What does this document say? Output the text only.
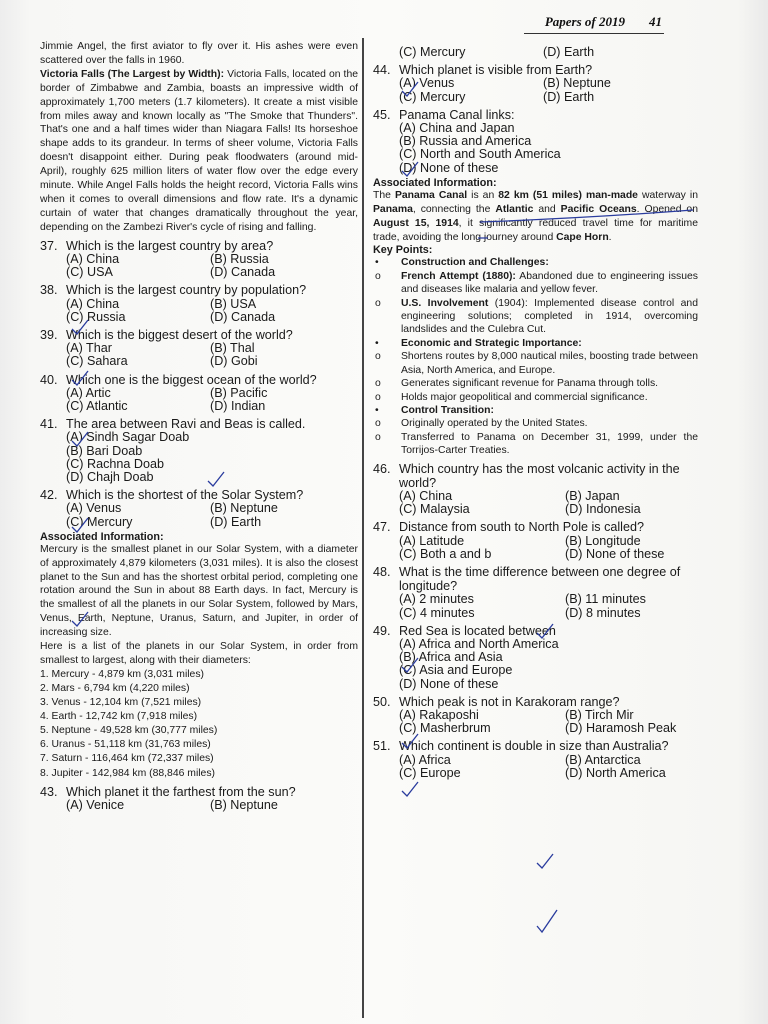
Papers of 2019 41

Jimmie Angel, the first aviator to fly over it. His ashes were even scattered over the falls in 1960.
Victoria Falls (The Largest by Width): Victoria Falls, located on the border of Zimbabwe and Zambia, boasts an impressive width of approximately 1,700 meters (1.7 kilometers). It create a mist visible from miles away and known locally as "The Smoke that Thunders". That's one and a half times wider than Niagara Falls! Its horseshoe shape adds to its grandeur. In terms of sheer volume, Victoria Falls doesn't disappoint either. During peak floodwaters (around mid-April), roughly 625 million liters of water flow over the edge every minute. While Angel Falls holds the height record, Victoria Falls wins when it comes to overall dimensions and flow rate. It's a dynamic curtain of water that changes dramatically throughout the year, depending on the Zambezi River's cycle of rising and falling.

37. Which is the largest country by area?
(A) China	(B) Russia
(C) USA	(D) Canada
38. Which is the largest country by population?
(A) China	(B) USA
(C) Russia	(D) Canada
39. Which is the biggest desert of the world?
(A) Thar	(B) Thal
(C) Sahara	(D) Gobi
40. Which one is the biggest ocean of the world?
(A) Artic	(B) Pacific
(C) Atlantic	(D) Indian
41. The area between Ravi and Beas is called.
(A) Sindh Sagar Doab
(B) Bari Doab
(C) Rachna Doab
(D) Chajh Doab
42. Which is the shortest of the Solar System?
(A) Venus	(B) Neptune
(C) Mercury	(D) Earth
Associated Information:

Mercury is the smallest planet in our Solar System, with a diameter of approximately 4,879 kilometers (3,031 miles). It is also the closest planet to the Sun and has the shortest orbital period, completing one rotation around the Sun in about 88 Earth days. In fact, Mercury is the smallest of all the planets in our Solar System, followed by Mars, Venus, Earth, Neptune, Uranus, Saturn, and Jupiter, in order of increasing size.

Here is a list of the planets in our Solar System, in order from smallest to largest, along with their diameters:

1. Mercury - 4,879 km (3,031 miles)
2. Mars - 6,794 km (4,220 miles)
3. Venus - 12,104 km (7,521 miles)
4. Earth - 12,742 km (7,918 miles)
5. Neptune - 49,528 km (30,777 miles)
6. Uranus - 51,118 km (31,763 miles)
7. Saturn - 116,464 km (72,337 miles)
8. Jupiter - 142,984 km (88,846 miles)
43. Which planet it the farthest from the sun?
(A) Venice	(B) Neptune
(C) Mercury	(D) Earth
44. Which planet is visible from Earth?
(A) Venus	(B) Neptune
(C) Mercury	(D) Earth
45. Panama Canal links:
(A) China and Japan
(B) Russia and America
(C) North and South America
(D) None of these
Associated Information:

The Panama Canal is an 82 km (51 miles) man-made waterway in Panama, connecting the Atlantic and Pacific Oceans. Opened on August 15, 1914, it significantly reduced travel time for maritime trade, avoiding the long journey around Cape Horn.

Key Points:
•	Construction and Challenges:
o	French Attempt (1880): Abandoned due to engineering issues and diseases like malaria and yellow fever.
o	U.S. Involvement (1904): Implemented disease control and engineering solutions; completed in 1914, overcoming landslides and the Culebra Cut.
•	Economic and Strategic Importance:
o	Shortens routes by 8,000 nautical miles, boosting trade between Asia, North America, and Europe.
o	Generates significant revenue for Panama through tolls.
o	Holds major geopolitical and commercial significance.
•	Control Transition:
o	Originally operated by the United States.
o	Transferred to Panama on December 31, 1999, under the Torrijos-Carter Treaties.
46. Which country has the most volcanic activity in the world?
(A) China	(B) Japan
(C) Malaysia	(D) Indonesia
47. Distance from south to North Pole is called?
(A) Latitude	(B) Longitude
(C) Both a and b	(D) None of these
48. What is the time difference between one degree of longitude?
(A) 2 minutes	(B) 11 minutes
(C) 4 minutes	(D) 8 minutes
49. Red Sea is located between
(A) Africa and North America
(B) Africa and Asia
(C) Asia and Europe
(D) None of these
50. Which peak is not in Karakoram range?
(A) Rakaposhi	(B) Tirch Mir
(C) Masherbrum	(D) Haramosh Peak
51. Which continent is double in size than Australia?
(A) Africa	(B) Antarctica
(C) Europe	(D) North America
